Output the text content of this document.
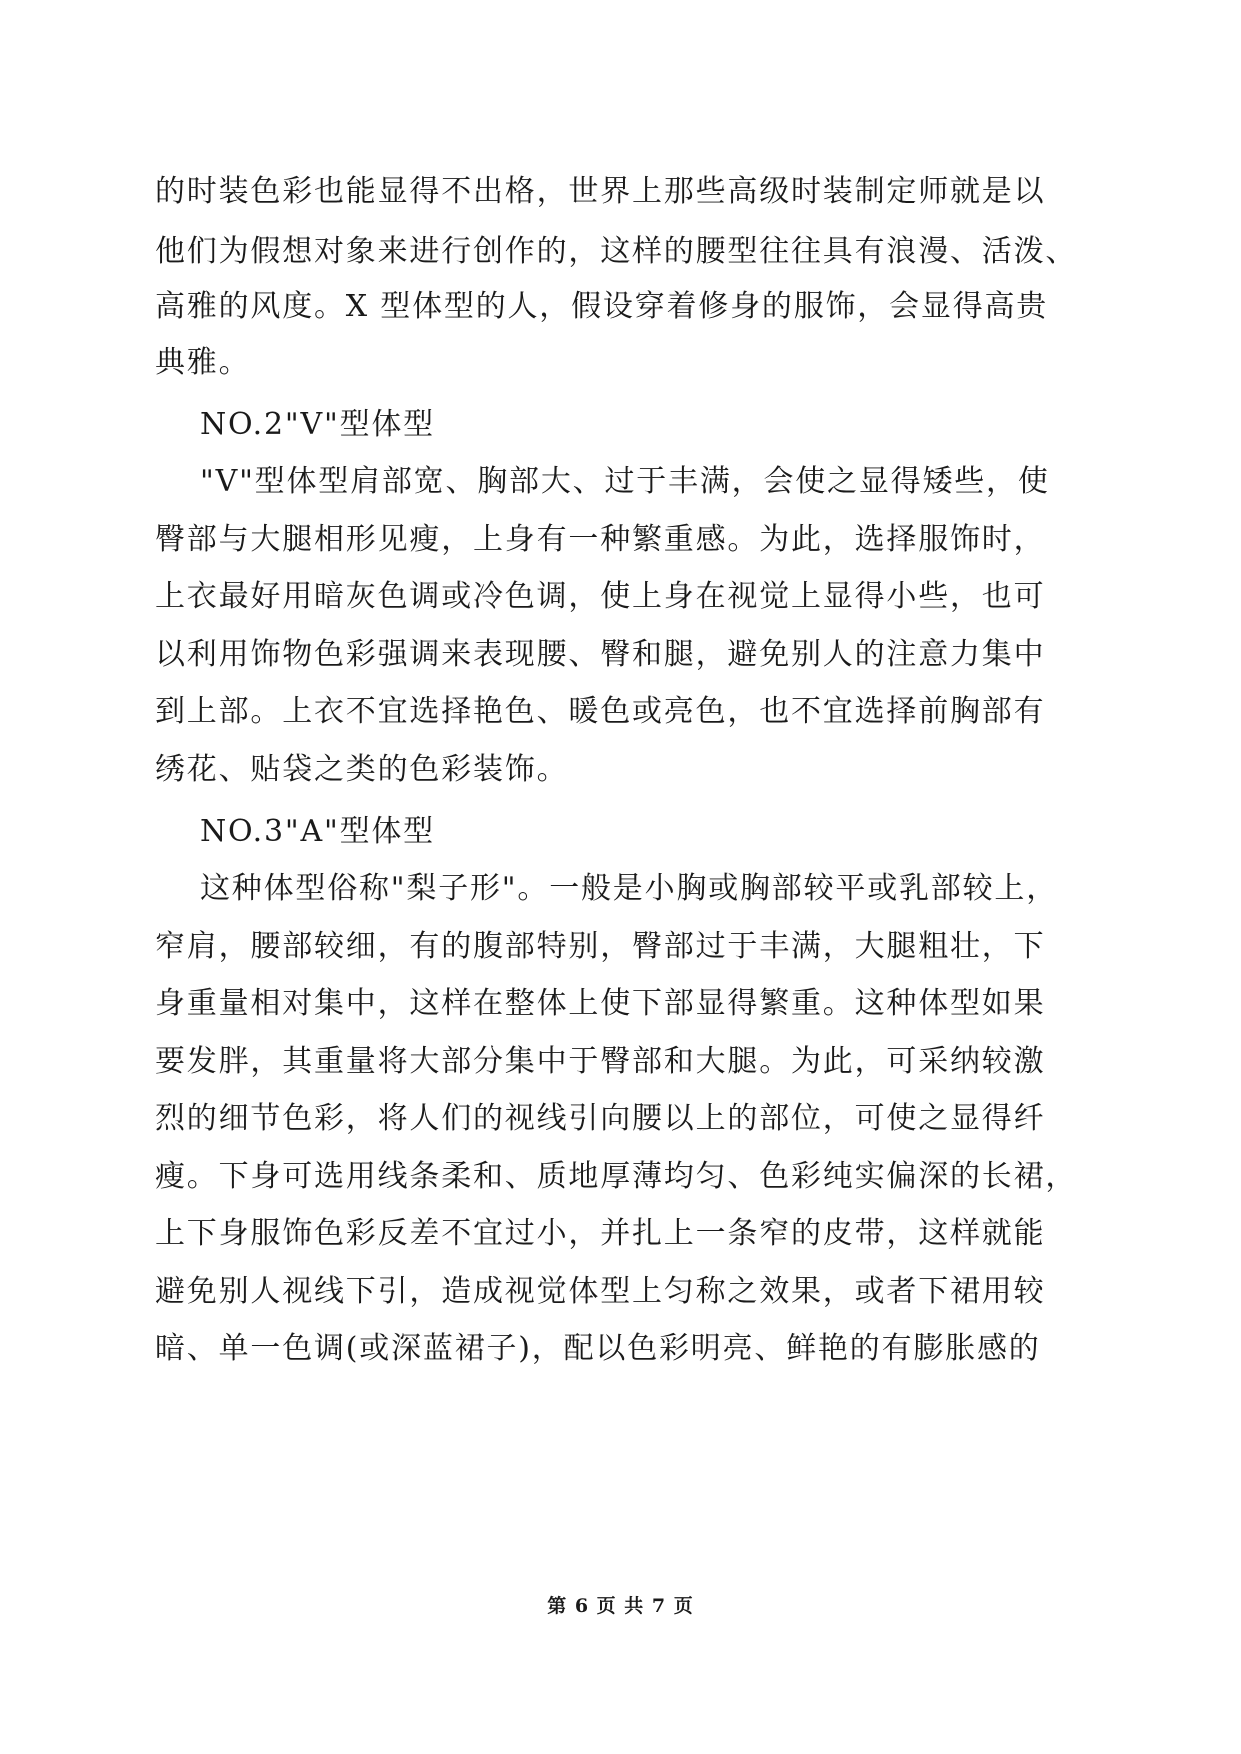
的时装色彩也能显得不出格，世界上那些高级时装制定师就是以
他们为假想对象来进行创作的，这样的腰型往往具有浪漫、活泼、
高雅的风度。X 型体型的人，假设穿着修身的服饰，会显得高贵
典雅。
NO.2"V"型体型
"V"型体型肩部宽、胸部大、过于丰满，会使之显得矮些，使
臀部与大腿相形见瘦，上身有一种繁重感。为此，选择服饰时，
上衣最好用暗灰色调或冷色调，使上身在视觉上显得小些，也可
以利用饰物色彩强调来表现腰、臀和腿，避免别人的注意力集中
到上部。上衣不宜选择艳色、暖色或亮色，也不宜选择前胸部有
绣花、贴袋之类的色彩装饰。
NO.3"A"型体型
这种体型俗称"梨子形"。一般是小胸或胸部较平或乳部较上，
窄肩，腰部较细，有的腹部特别，臀部过于丰满，大腿粗壮，下
身重量相对集中，这样在整体上使下部显得繁重。这种体型如果
要发胖，其重量将大部分集中于臀部和大腿。为此，可采纳较激
烈的细节色彩，将人们的视线引向腰以上的部位，可使之显得纤
瘦。下身可选用线条柔和、质地厚薄均匀、色彩纯实偏深的长裙，
上下身服饰色彩反差不宜过小，并扎上一条窄的皮带，这样就能
避免别人视线下引，造成视觉体型上匀称之效果，或者下裙用较
暗、单一色调(或深蓝裙子)，配以色彩明亮、鲜艳的有膨胀感的
第 6 页 共 7 页
